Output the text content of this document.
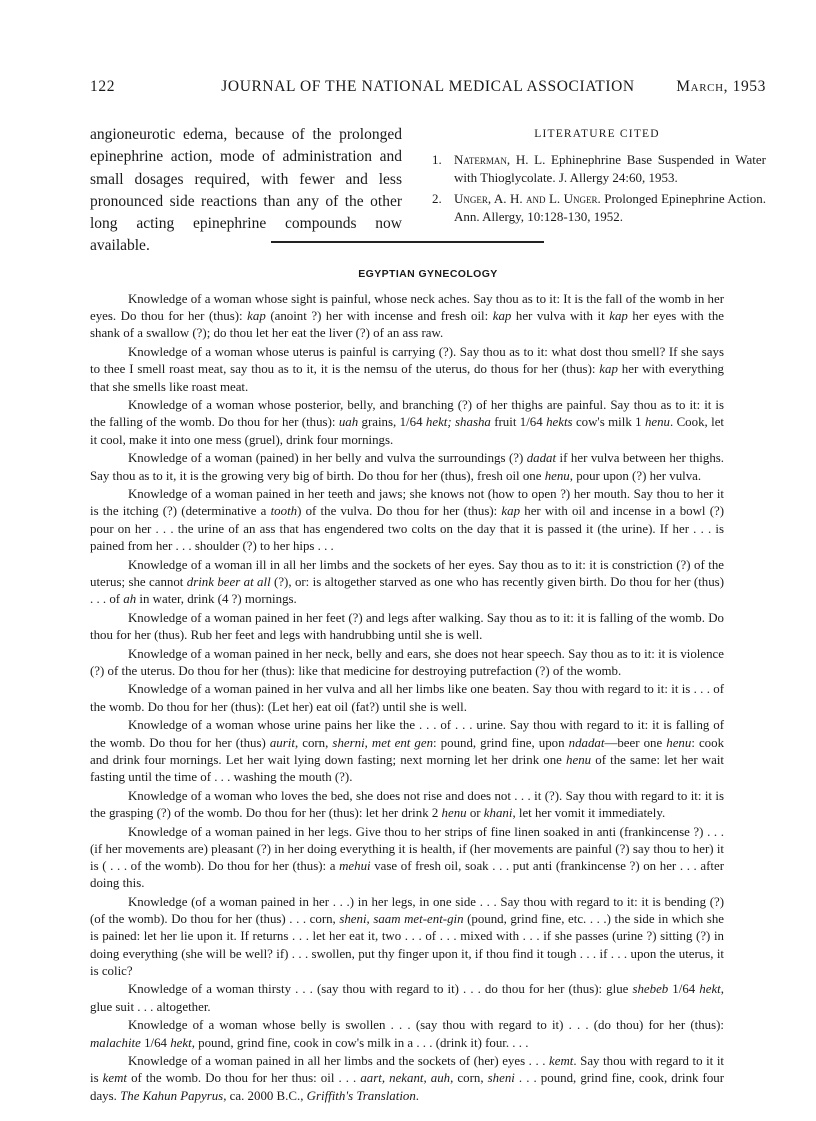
122	JOURNAL OF THE NATIONAL MEDICAL ASSOCIATION	March, 1953
angioneurotic edema, because of the prolonged epinephrine action, mode of administration and small dosages required, with fewer and less pronounced side reactions than any of the other long acting epinephrine compounds now available.
LITERATURE CITED
1. Naterman, H. L. Ephinephrine Base Suspended in Water with Thioglycolate. J. Allergy 24:60, 1953.
2. Unger, A. H. and L. Unger. Prolonged Epinephrine Action. Ann. Allergy, 10:128-130, 1952.
EGYPTIAN GYNECOLOGY

Knowledge of a woman whose sight is painful, whose neck aches. Say thou as to it: It is the fall of the womb in her eyes. Do thou for her (thus): kap (anoint ?) her with incense and fresh oil: kap her vulva with it kap her eyes with the shank of a swallow (?); do thou let her eat the liver (?) of an ass raw.

Knowledge of a woman whose uterus is painful is carrying (?). Say thou as to it: what dost thou smell? If she says to thee I smell roast meat, say thou as to it, it is the nemsu of the uterus, do thous for her (thus): kap her with everything that she smells like roast meat.

Knowledge of a woman whose posterior, belly, and branching (?) of her thighs are painful. Say thou as to it: it is the falling of the womb. Do thou for her (thus): uah grains, 1/64 hekt; shasha fruit 1/64 hekts cow's milk 1 henu. Cook, let it cool, make it into one mess (gruel), drink four mornings.

Knowledge of a woman (pained) in her belly and vulva the surroundings (?) dadat if her vulva between her thighs. Say thou as to it, it is the growing very big of birth. Do thou for her (thus), fresh oil one henu, pour upon (?) her vulva.

Knowledge of a woman pained in her teeth and jaws; she knows not (how to open ?) her mouth. Say thou to her it is the itching (?) (determinative a tooth) of the vulva. Do thou for her (thus): kap her with oil and incense in a bowl (?) pour on her . . . the urine of an ass that has engendered two colts on the day that it is passed it (the urine). If her . . . is pained from her . . . shoulder (?) to her hips . . .

Knowledge of a woman ill in all her limbs and the sockets of her eyes. Say thou as to it: it is constriction (?) of the uterus; she cannot drink beer at all (?), or: is altogether starved as one who has recently given birth. Do thou for her (thus) . . . of ah in water, drink (4 ?) mornings.

Knowledge of a woman pained in her feet (?) and legs after walking. Say thou as to it: it is falling of the womb. Do thou for her (thus). Rub her feet and legs with handrubbing until she is well.

Knowledge of a woman pained in her neck, belly and ears, she does not hear speech. Say thou as to it: it is violence (?) of the uterus. Do thou for her (thus): like that medicine for destroying putrefaction (?) of the womb.

Knowledge of a woman pained in her vulva and all her limbs like one beaten. Say thou with regard to it: it is . . . of the womb. Do thou for her (thus): (Let her) eat oil (fat?) until she is well.

Knowledge of a woman whose urine pains her like the . . . of . . . urine. Say thou with regard to it: it is falling of the womb. Do thou for her (thus) aurit, corn, sherni, met ent gen: pound, grind fine, upon ndadat—beer one henu: cook and drink four mornings. Let her wait lying down fasting; next morning let her drink one henu of the same: let her wait fasting until the time of . . . washing the mouth (?).

Knowledge of a woman who loves the bed, she does not rise and does not . . . it (?). Say thou with regard to it: it is the grasping (?) of the womb. Do thou for her (thus): let her drink 2 henu or khani, let her vomit it immediately.

Knowledge of a woman pained in her legs. Give thou to her strips of fine linen soaked in anti (frankincense ?) . . . (if her movements are) pleasant (?) in her doing everything it is health, if (her movements are painful (?) say thou to her) it is ( . . . of the womb). Do thou for her (thus): a mehui vase of fresh oil, soak . . . put anti (frankincense ?) on her . . . after doing this.

Knowledge (of a woman pained in her . . .) in her legs, in one side . . . Say thou with regard to it: it is bending (?) (of the womb). Do thou for her (thus) . . . corn, sheni, saam met-ent-gin (pound, grind fine, etc. . . .) the side in which she is pained: let her lie upon it. If returns . . . let her eat it, two . . . of . . . mixed with . . . if she passes (urine ?) sitting (?) in doing everything (she will be well? if) . . . swollen, put thy finger upon it, if thou find it tough . . . if . . . upon the uterus, it is colic?

Knowledge of a woman thirsty . . . (say thou with regard to it) . . . do thou for her (thus): glue shebeb 1/64 hekt, glue suit . . . altogether.

Knowledge of a woman whose belly is swollen . . . (say thou with regard to it) . . . (do thou) for her (thus): malachite 1/64 hekt, pound, grind fine, cook in cow's milk in a . . . (drink it) four. . . .

Knowledge of a woman pained in all her limbs and the sockets of (her) eyes . . . kemt. Say thou with regard to it it is kemt of the womb. Do thou for her thus: oil . . . aart, nekant, auh, corn, sheni . . . pound, grind fine, cook, drink four days. The Kahun Papyrus, ca. 2000 B.C., Griffith's Translation.
